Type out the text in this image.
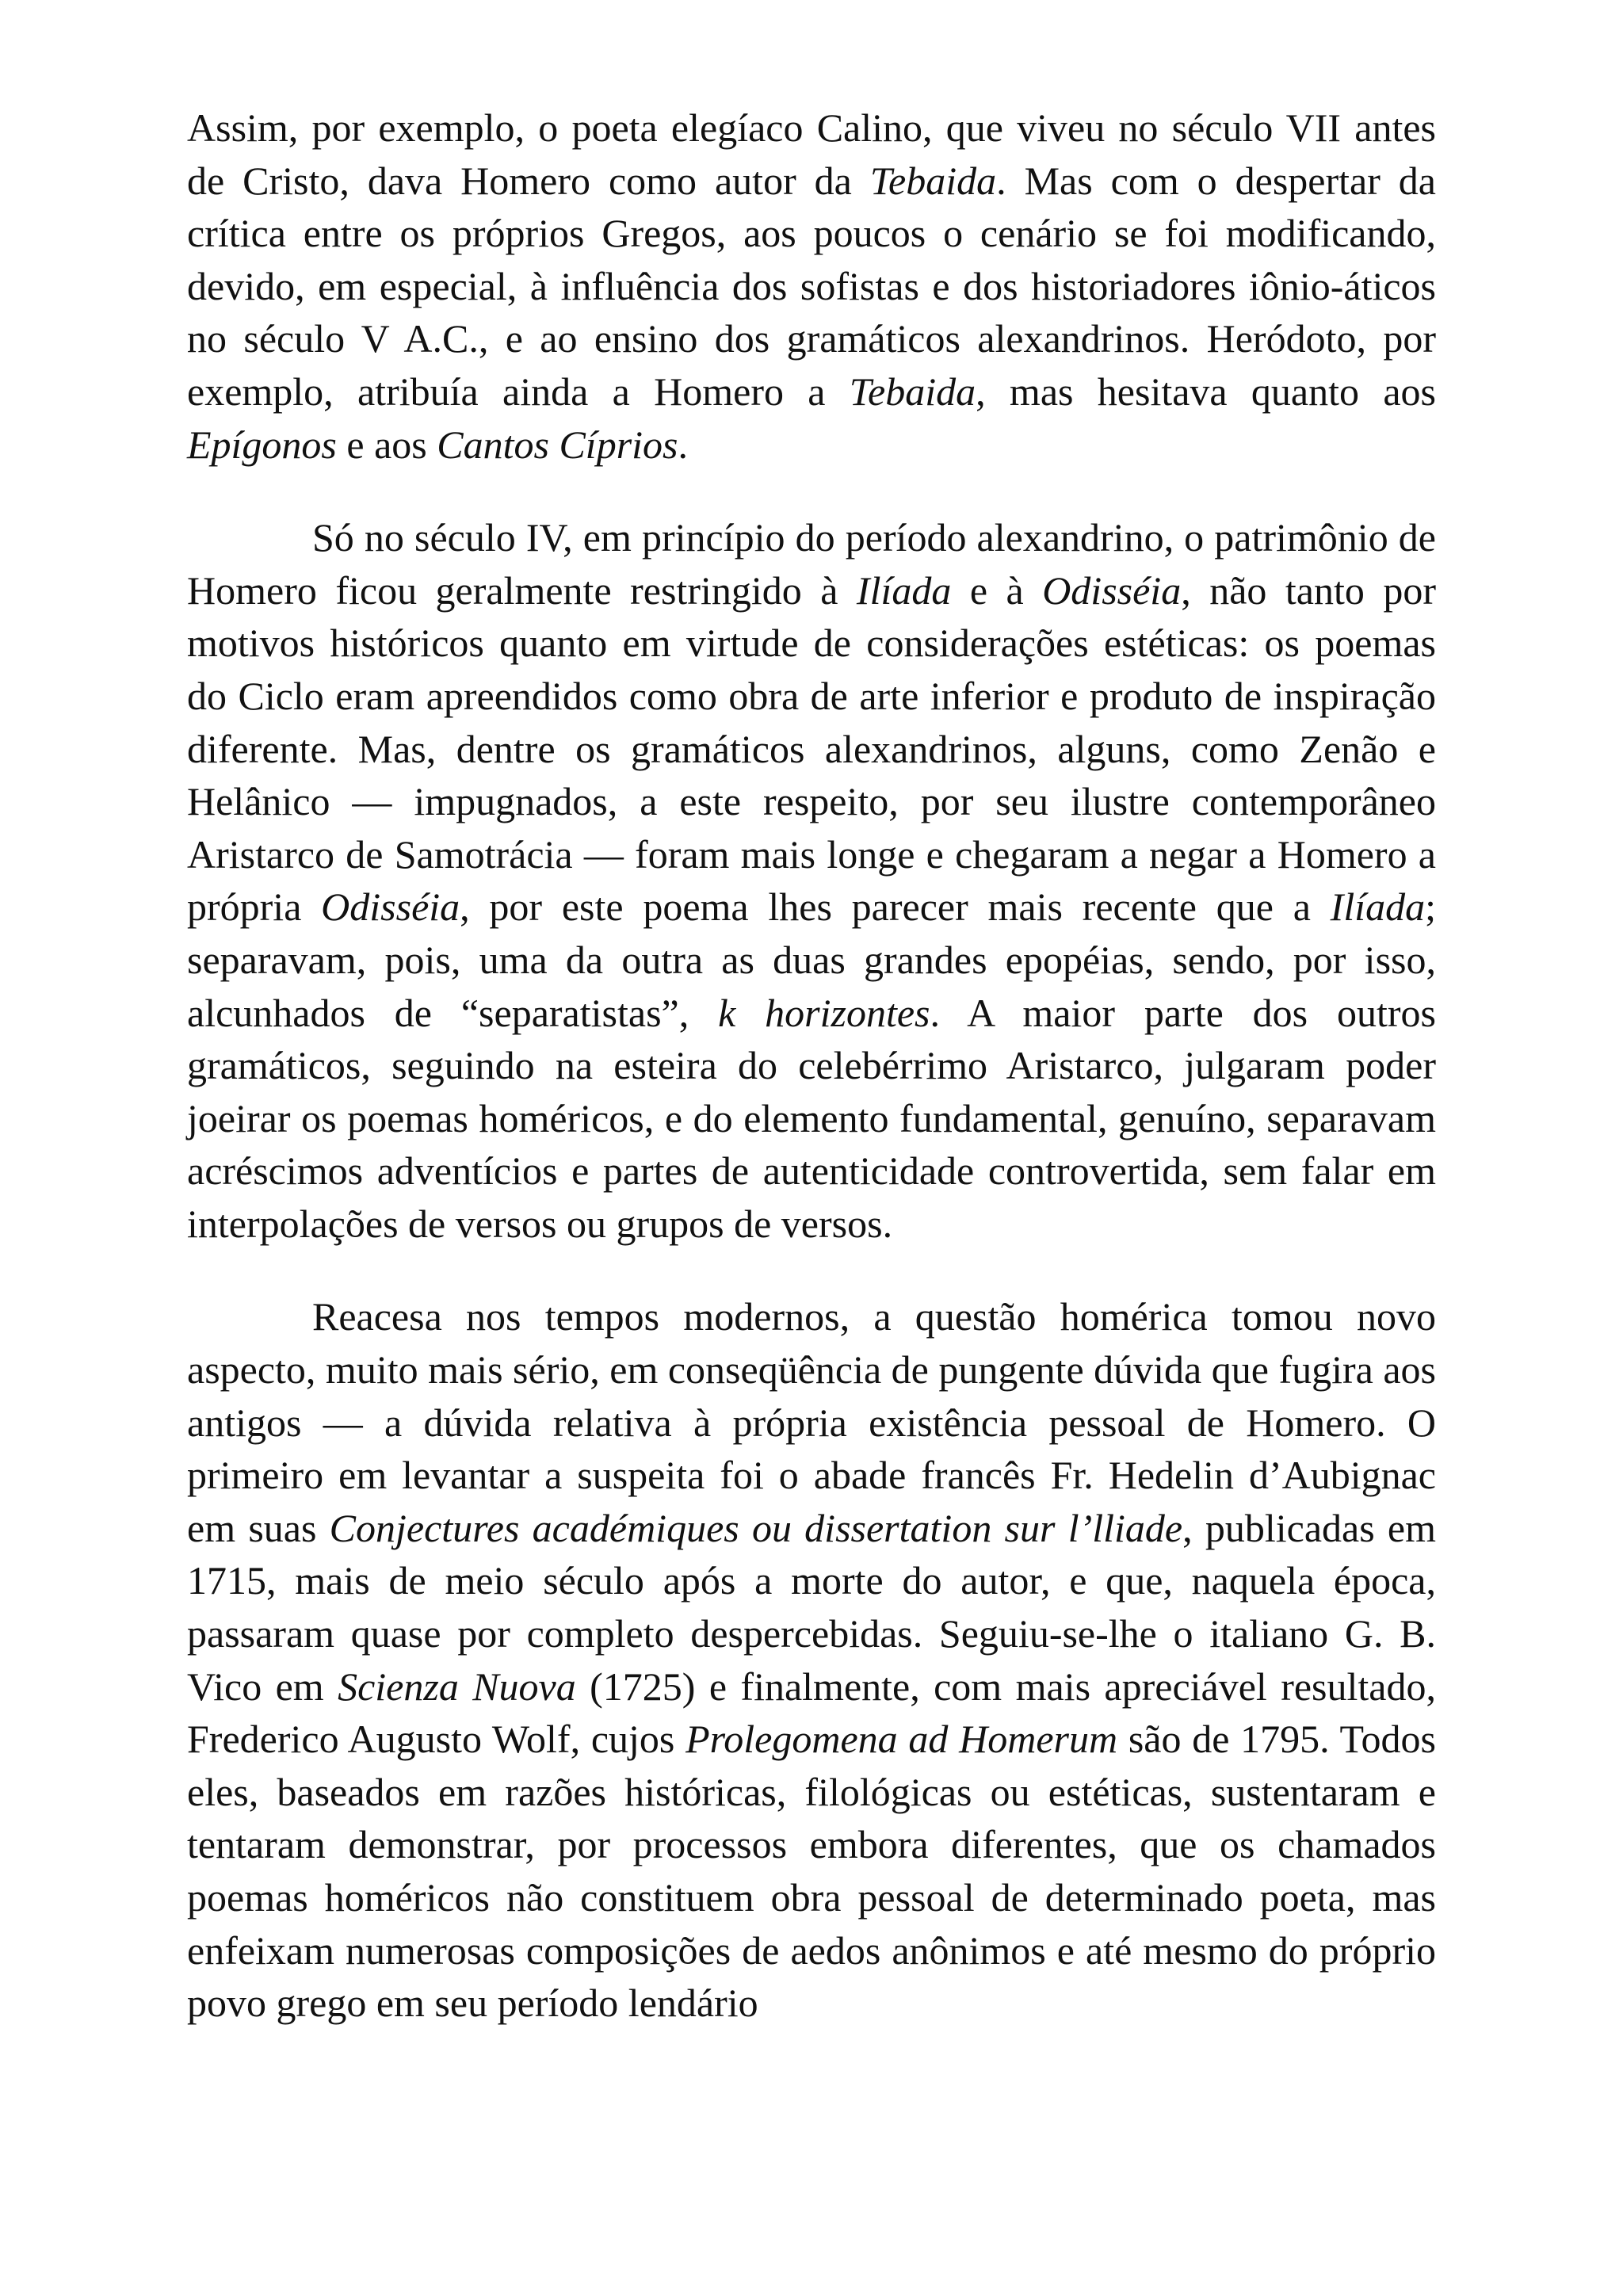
Assim, por exemplo, o poeta elegíaco Calino, que viveu no século VII antes de Cristo, dava Homero como autor da Tebaida. Mas com o despertar da crítica entre os próprios Gregos, aos poucos o cenário se foi modificando, devido, em especial, à influência dos sofistas e dos historiadores iônio-áticos no século V A.C., e ao ensino dos gramáticos alexandrinos. Heródoto, por exemplo, atribuía ainda a Homero a Tebaida, mas hesitava quanto aos Epígonos e aos Cantos Cíprios.

Só no século IV, em princípio do período alexandrino, o patrimônio de Homero ficou geralmente restringido à Ilíada e à Odisséia, não tanto por motivos históricos quanto em virtude de considerações estéticas: os poemas do Ciclo eram apreendidos como obra de arte inferior e produto de inspiração diferente. Mas, dentre os gramáticos alexandrinos, alguns, como Zenão e Helânico — impugnados, a este respeito, por seu ilustre contemporâneo Aristarco de Samotrácia — foram mais longe e chegaram a negar a Homero a própria Odisséia, por este poema lhes parecer mais recente que a Ilíada; separavam, pois, uma da outra as duas grandes epopéias, sendo, por isso, alcunhados de “separatistas”, k horizontes. A maior parte dos outros gramáticos, seguindo na esteira do celebérrimo Aristarco, julgaram poder joeirar os poemas homéricos, e do elemento fundamental, genuíno, separavam acréscimos adventícios e partes de autenticidade controvertida, sem falar em interpolações de versos ou grupos de versos.

Reacesa nos tempos modernos, a questão homérica tomou novo aspecto, muito mais sério, em conseqüência de pungente dúvida que fugira aos antigos — a dúvida relativa à própria existência pessoal de Homero. O primeiro em levantar a suspeita foi o abade francês Fr. Hedelin d’Aubignac em suas Conjectures académiques ou dissertation sur l’lliade, publicadas em 1715, mais de meio século após a morte do autor, e que, naquela época, passaram quase por completo despercebidas. Seguiu-se-lhe o italiano G. B. Vico em Scienza Nuova (1725) e finalmente, com mais apreciável resultado, Frederico Augusto Wolf, cujos Prolegomena ad Homerum são de 1795. Todos eles, baseados em razões históricas, filológicas ou estéticas, sustentaram e tentaram demonstrar, por processos embora diferentes, que os chamados poemas homéricos não constituem obra pessoal de determinado poeta, mas enfeixam numerosas composições de aedos anônimos e até mesmo do próprio povo grego em seu período lendário
